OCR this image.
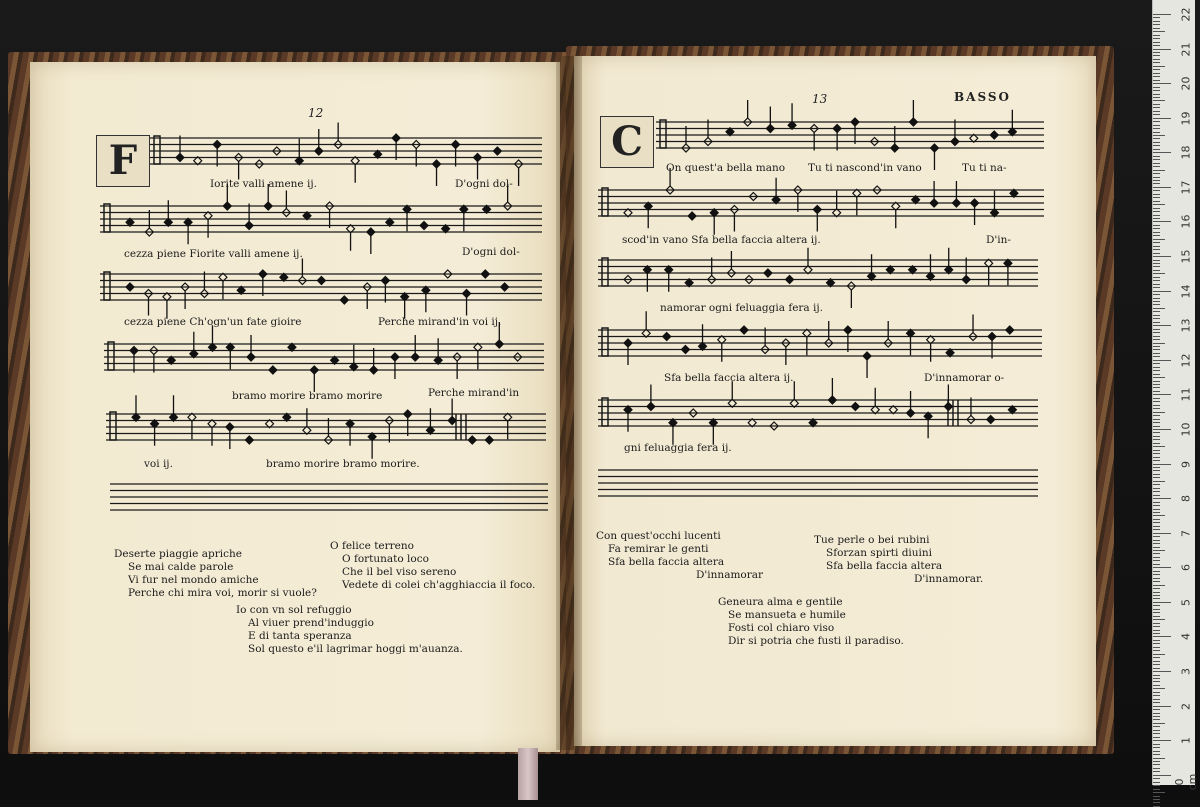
22
21
20
19
18
17
16
15
14
13
12
11
10
9
8
7
6
5
4
3
2
1
0 cm
12
F	Iorite valli amene ij.	D'ogni dol-
cezza piene Fiorite valli amene ij.	D'ogni dol-
cezza piene Ch'ogn'un fate gioire	Perche mirand'in voi ij,
bramo morire bramo morire	Perche mirand'in
voi ij.	bramo morire bramo morire.
Deserte piaggie apriche
Se mai calde parole
Vi fur nel mondo amiche
Perche chi mira voi, morir si vuole?
O felice terreno
O fortunato loco
Che il bel viso sereno
Vedete di colei ch'agghiaccia il foco.
Io con vn sol refuggio
Al viuer prend'induggio
E di tanta speranza
Sol questo e'il lagrimar hoggi m'auanza.
13	BASSO
C
On quest'a bella mano Tu ti nascond'in vano	Tu ti na-
scod'in vano Sfa bella faccia altera ij.	D'in-
namorar ogni feluaggia fera ij.
Sfa bella faccia altera ij.	D'innamorar o-
gni feluaggia fera ij.
Con quest'occhi lucenti
Fa remirar le genti
Sfa bella faccia altera
D'innamorar
Tue perle o bei rubini
Sforzan spirti diuini
Sfa bella faccia altera
D'innamorar.
Geneura alma e gentile
Se mansueta e humile
Fosti col chiaro viso
Dir si potria che fusti il paradiso.
